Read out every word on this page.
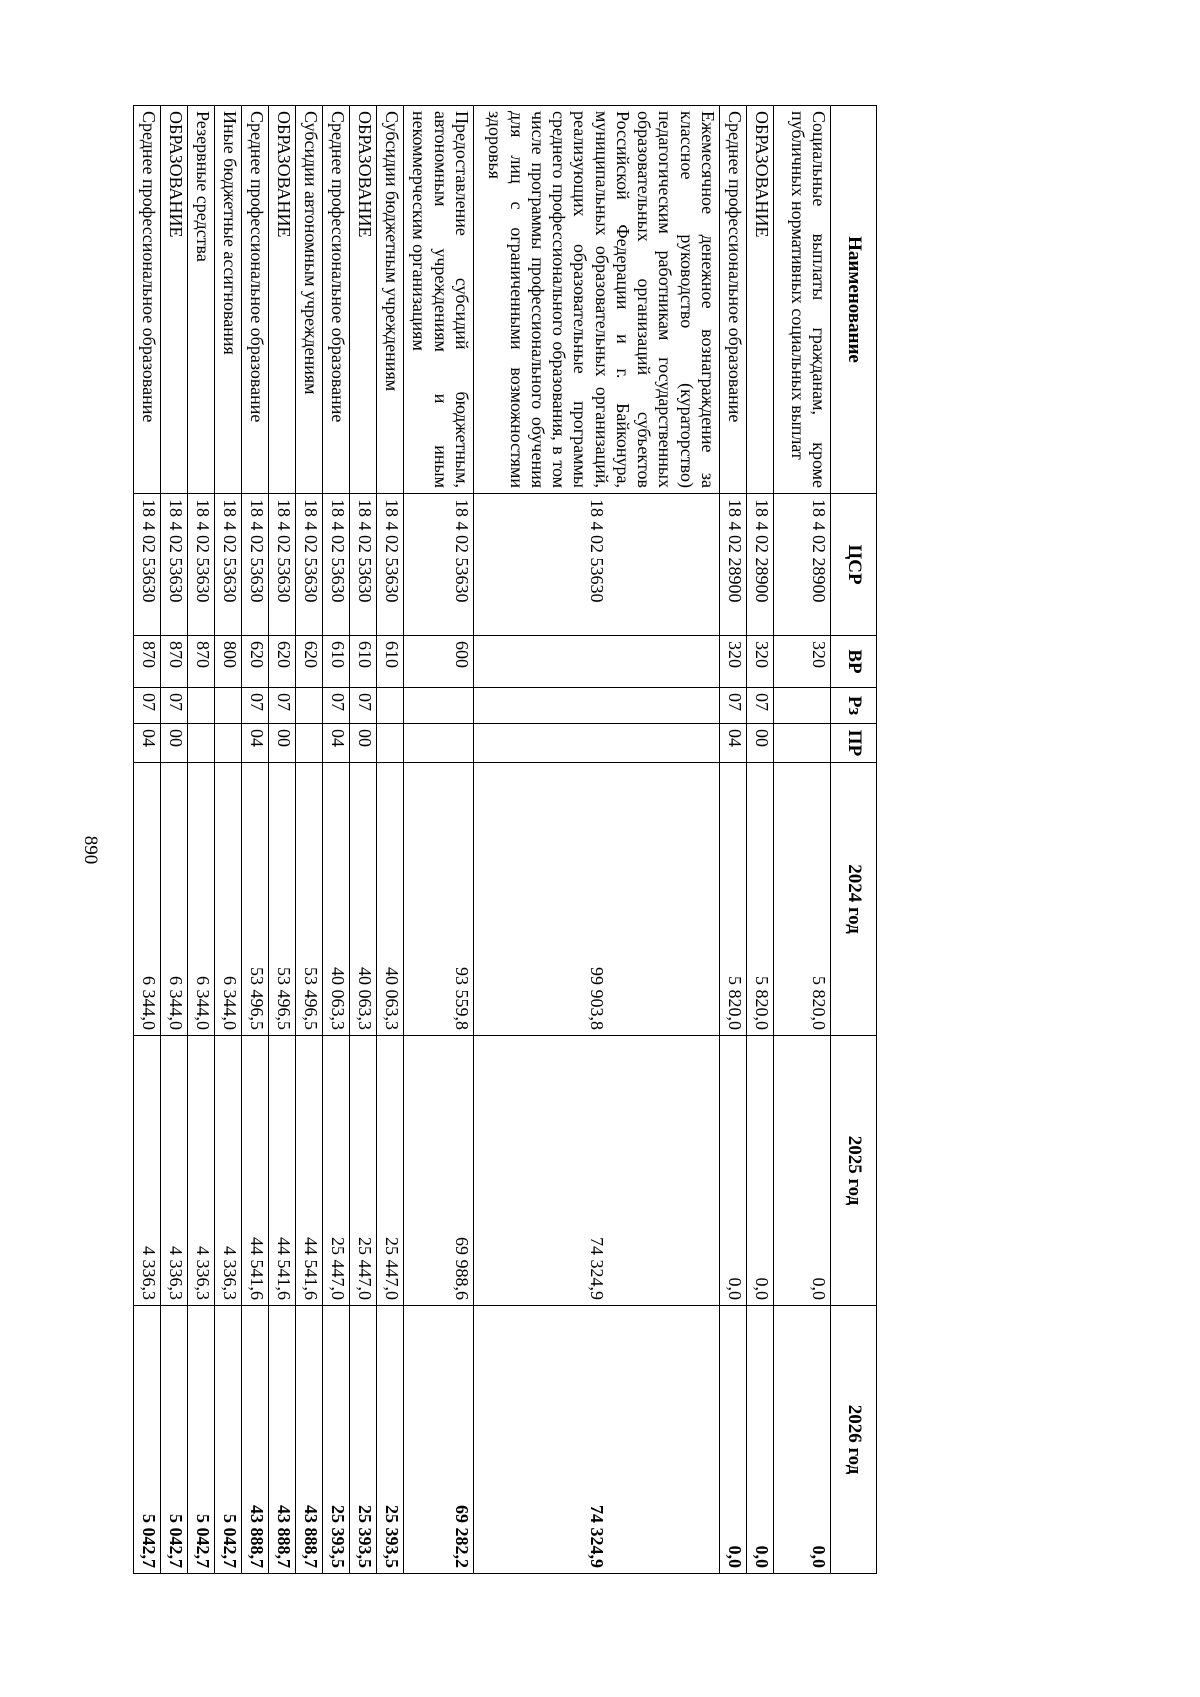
890
Наименование	ЦСР	ВР	Рз	ПР	2024 год	2025 год	2026 год
Социальные выплаты гражданам, кроме публичных нормативных социальных выплат	18 4 02 28900	320			5 820,0	0,0	0,0
ОБРАЗОВАНИЕ	18 4 02 28900	320	07	00	5 820,0	0,0	0,0
Среднее профессиональное образование	18 4 02 28900	320	07	04	5 820,0	0,0	0,0
Ежемесячное денежное вознаграждение за классное руководство (кураторство) педагогическим работникам государственных образовательных организаций субъектов Российской Федерации и г. Байконура, муниципальных образовательных организаций, реализующих образовательные программы среднего профессионального образования, в том числе программы профессионального обучения для лиц с ограниченными возможностями здоровья	18 4 02 53630				99 903,8	74 324,9	74 324,9
Предоставление субсидий бюджетным, автономным учреждениям и иным некоммерческим организациям	18 4 02 53630	600			93 559,8	69 988,6	69 282,2
Субсидии бюджетным учреждениям	18 4 02 53630	610			40 063,3	25 447,0	25 393,5
ОБРАЗОВАНИЕ	18 4 02 53630	610	07	00	40 063,3	25 447,0	25 393,5
Среднее профессиональное образование	18 4 02 53630	610	07	04	40 063,3	25 447,0	25 393,5
Субсидии автономным учреждениям	18 4 02 53630	620			53 496,5	44 541,6	43 888,7
ОБРАЗОВАНИЕ	18 4 02 53630	620	07	00	53 496,5	44 541,6	43 888,7
Среднее профессиональное образование	18 4 02 53630	620	07	04	53 496,5	44 541,6	43 888,7
Иные бюджетные ассигнования	18 4 02 53630	800			6 344,0	4 336,3	5 042,7
Резервные средства	18 4 02 53630	870			6 344,0	4 336,3	5 042,7
ОБРАЗОВАНИЕ	18 4 02 53630	870	07	00	6 344,0	4 336,3	5 042,7
Среднее профессиональное образование	18 4 02 53630	870	07	04	6 344,0	4 336,3	5 042,7
